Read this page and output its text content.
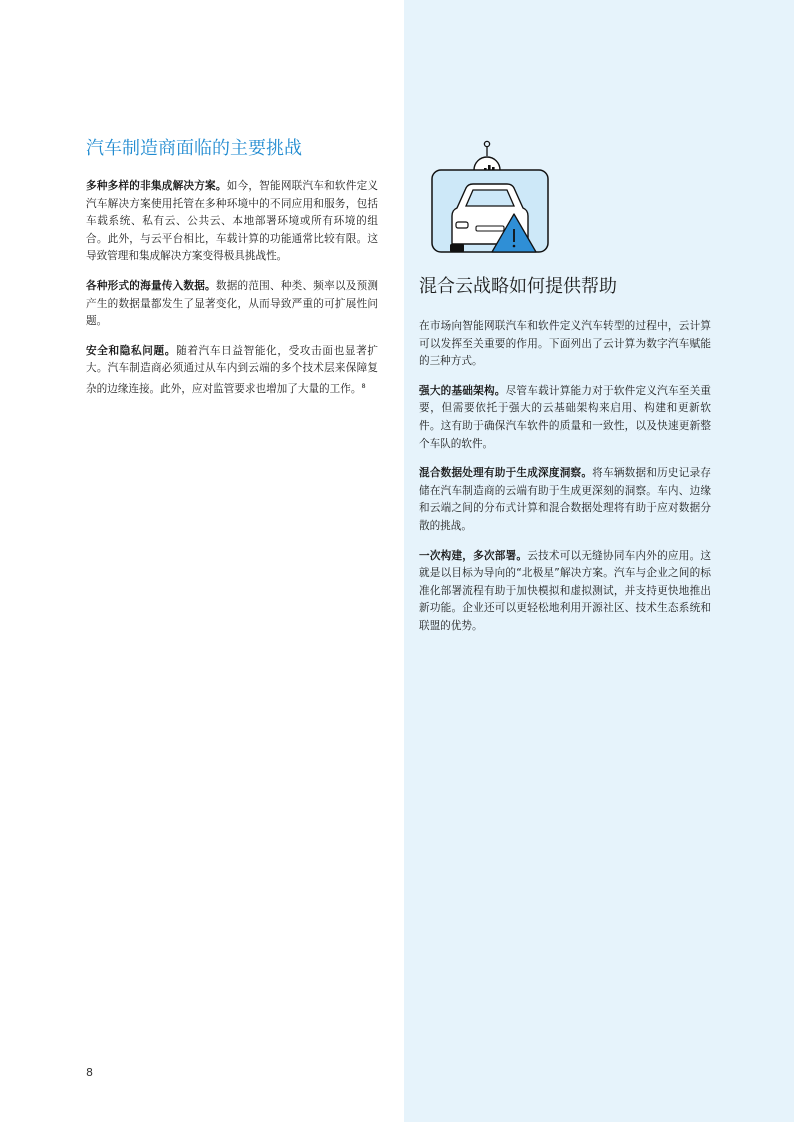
汽车制造商面临的主要挑战

多种多样的非集成解决方案。如今，智能网联汽车和软件定义汽车解决方案使用托管在多种环境中的不同应用和服务，包括车载系统、私有云、公共云、本地部署环境或所有环境的组合。此外，与云平台相比，车载计算的功能通常比较有限。这导致管理和集成解决方案变得极具挑战性。

各种形式的海量传入数据。数据的范围、种类、频率以及预测产生的数据量都发生了显著变化，从而导致严重的可扩展性问题。

安全和隐私问题。随着汽车日益智能化，受攻击面也显著扩大。汽车制造商必须通过从车内到云端的多个技术层来保障复杂的边缘连接。此外，应对监管要求也增加了大量的工作。$^8$

混合云战略如何提供帮助

在市场向智能网联汽车和软件定义汽车转型的过程中，云计算可以发挥至关重要的作用。下面列出了云计算为数字汽车赋能的三种方式。

强大的基础架构。尽管车载计算能力对于软件定义汽车至关重要，但需要依托于强大的云基础架构来启用、构建和更新软件。这有助于确保汽车软件的质量和一致性，以及快速更新整个车队的软件。

混合数据处理有助于生成深度洞察。将车辆数据和历史记录存储在汽车制造商的云端有助于生成更深刻的洞察。车内、边缘和云端之间的分布式计算和混合数据处理将有助于应对数据分散的挑战。

一次构建，多次部署。云技术可以无缝协同车内外的应用。这就是以目标为导向的“北极星”解决方案。汽车与企业之间的标准化部署流程有助于加快模拟和虚拟测试，并支持更快地推出新功能。企业还可以更轻松地利用开源社区、技术生态系统和联盟的优势。

8
